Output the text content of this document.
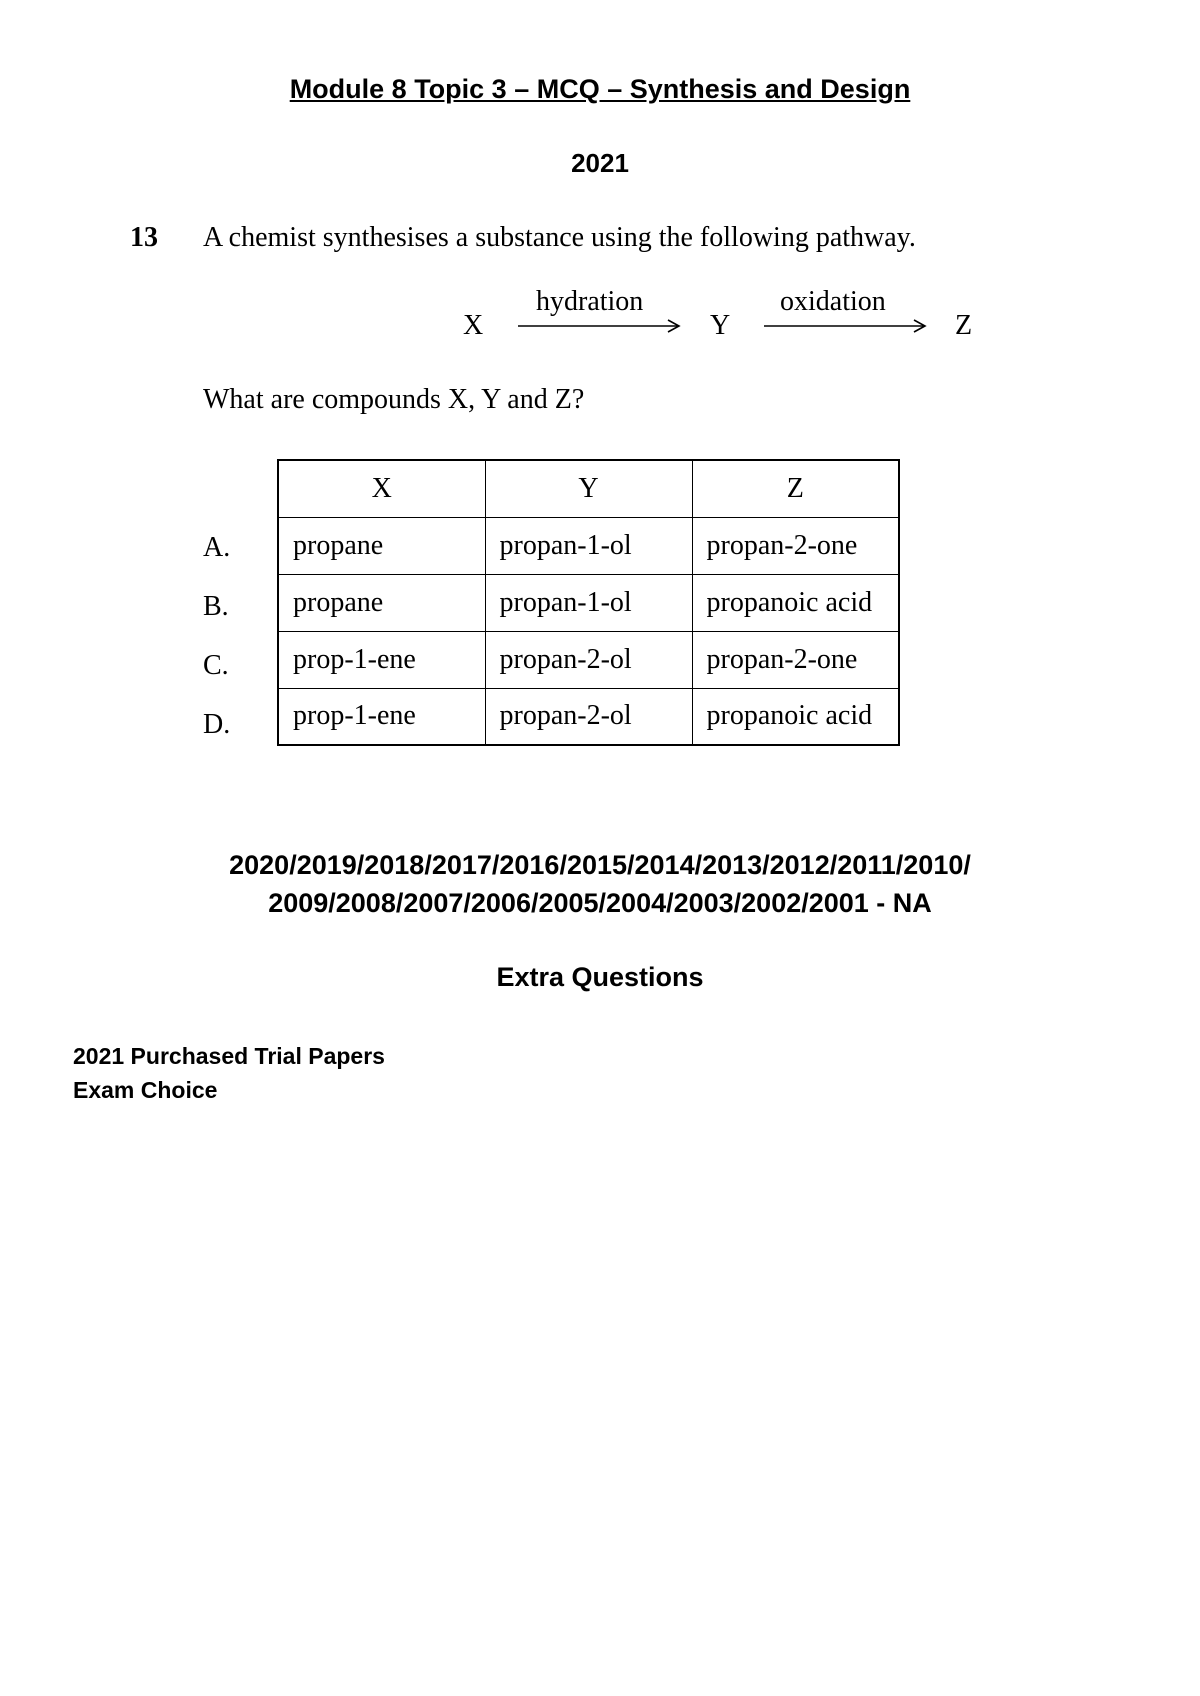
Module 8 Topic 3 – MCQ – Synthesis and Design
2021
13 A chemist synthesises a substance using the following pathway.
X
hydration
Y
oxidation
Z
What are compounds X, Y and Z?
A.
B.
C.
D.
X	Y	Z
propane	propan-1-ol	propan-2-one
propane	propan-1-ol	propanoic acid
prop-1-ene	propan-2-ol	propan-2-one
prop-1-ene	propan-2-ol	propanoic acid
2020/2019/2018/2017/2016/2015/2014/2013/2012/2011/2010/
2009/2008/2007/2006/2005/2004/2003/2002/2001 - NA
Extra Questions
2021 Purchased Trial Papers
Exam Choice
